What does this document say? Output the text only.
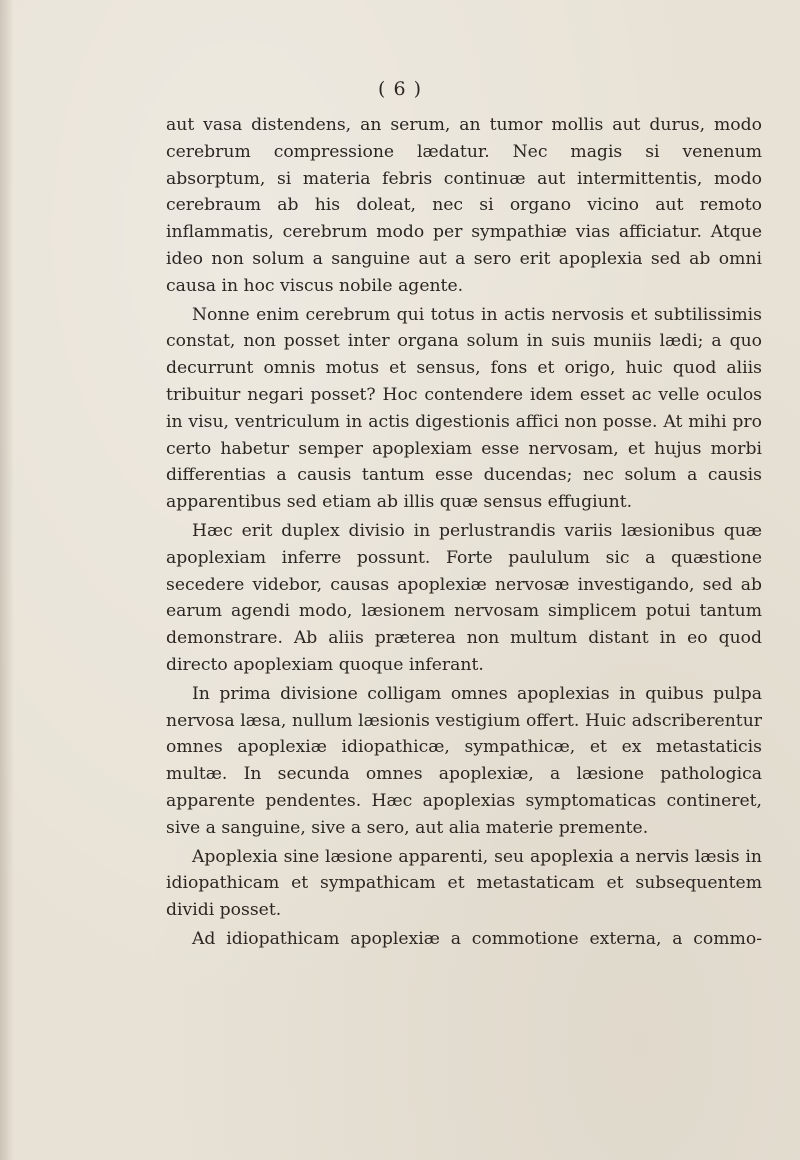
( 6 )

aut vasa distendens, an serum, an tumor mollis aut durus, modo cerebrum compressione lædatur. Nec magis si venenum absorptum, si materia febris continuæ aut intermittentis, modo cerebraum ab his doleat, nec si organo vicino aut remoto inflammatis, cerebrum modo per sympathiæ vias afficiatur. Atque ideo non solum a sanguine aut a sero erit apoplexia sed ab omni causa in hoc viscus nobile agente.

Nonne enim cerebrum qui totus in actis nervosis et subtilissimis constat, non posset inter organa solum in suis muniis lædi; a quo decurrunt omnis motus et sensus, fons et origo, huic quod aliis tribuitur negari posset? Hoc contendere idem esset ac velle oculos in visu, ventriculum in actis digestionis affici non posse. At mihi pro certo habetur semper apoplexiam esse nervosam, et hujus morbi differentias a causis tantum esse ducendas; nec solum a causis apparentibus sed etiam ab illis quæ sensus effugiunt.

Hæc erit duplex divisio in perlustrandis variis læsionibus quæ apoplexiam inferre possunt. Forte paululum sic a quæstione secedere videbor, causas apoplexiæ nervosæ investigando, sed ab earum agendi modo, læsionem nervosam simplicem potui tantum demonstrare. Ab aliis præterea non multum distant in eo quod directo apoplexiam quoque inferant.

In prima divisione colligam omnes apoplexias in quibus pulpa nervosa læsa, nullum læsionis vestigium offert. Huic adscriberentur omnes apoplexiæ idiopathicæ, sympathicæ, et ex metastaticis multæ. In secunda omnes apoplexiæ, a læsione pathologica apparente pendentes. Hæc apoplexias symptomaticas contineret, sive a sanguine, sive a sero, aut alia materie premente.

Apoplexia sine læsione apparenti, seu apoplexia a nervis læsis in idiopathicam et sympathicam et metastaticam et subsequentem dividi posset.

Ad idiopathicam apoplexiæ a commotione externa, a commo-
